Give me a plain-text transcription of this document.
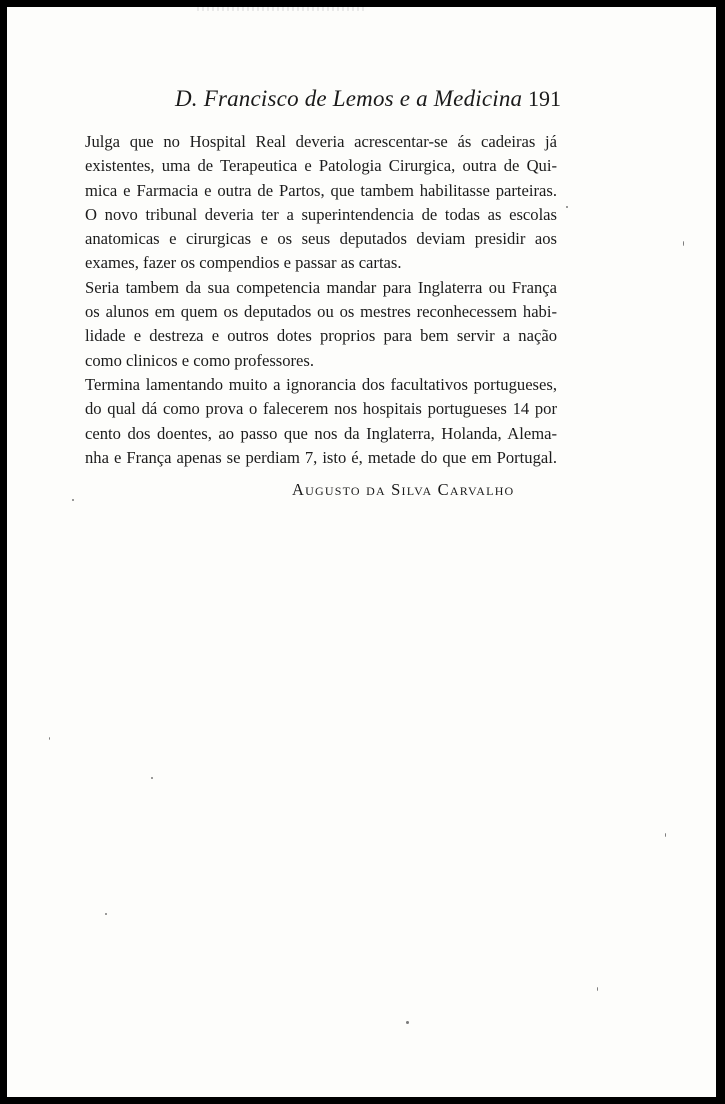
D. Francisco de Lemos e a Medicina 191
Julga que no Hospital Real deveria acrescentar-se ás cadeiras já
existentes, uma de Terapeutica e Patologia Cirurgica, outra de Qui-
mica e Farmacia e outra de Partos, que tambem habilitasse parteiras.
O novo tribunal deveria ter a superintendencia de todas as escolas
anatomicas e cirurgicas e os seus deputados deviam presidir aos
exames, fazer os compendios e passar as cartas.
Seria tambem da sua competencia mandar para Inglaterra ou França
os alunos em quem os deputados ou os mestres reconhecessem habi-
lidade e destreza e outros dotes proprios para bem servir a nação
como clinicos e como professores.
Termina lamentando muito a ignorancia dos facultativos portugueses,
do qual dá como prova o falecerem nos hospitais portugueses 14 por
cento dos doentes, ao passo que nos da Inglaterra, Holanda, Alema-
nha e França apenas se perdiam 7, isto é, metade do que em Portugal.
Augusto da Silva Carvalho
